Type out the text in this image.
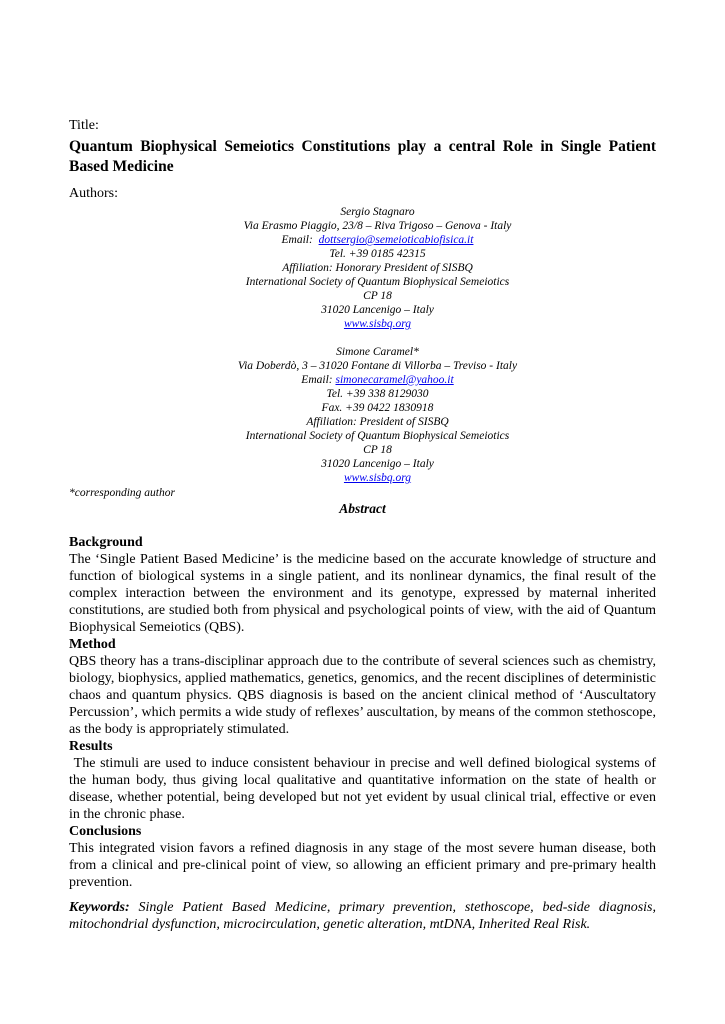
Title:

Quantum Biophysical Semeiotics Constitutions play a central Role in Single Patient Based Medicine

Authors:

Sergio Stagnaro
Via Erasmo Piaggio, 23/8 – Riva Trigoso – Genova - Italy
Email: dottsergio@semeioticabiofisica.it
Tel. +39 0185 42315
Affiliation: Honorary President of SISBQ
International Society of Quantum Biophysical Semeiotics
CP 18
31020 Lancenigo – Italy
www.sisbq.org
Simone Caramel*
Via Doberdò, 3 – 31020 Fontane di Villorba – Treviso - Italy
Email: simonecaramel@yahoo.it
Tel. +39 338 8129030
Fax. +39 0422 1830918
Affiliation: President of SISBQ
International Society of Quantum Biophysical Semeiotics
CP 18
31020 Lancenigo – Italy
www.sisbq.org
*corresponding author
Abstract

Background

The ‘Single Patient Based Medicine’ is the medicine based on the accurate knowledge of structure and function of biological systems in a single patient, and its nonlinear dynamics, the final result of the complex interaction between the environment and its genotype, expressed by maternal inherited constitutions, are studied both from physical and psychological points of view, with the aid of Quantum Biophysical Semeiotics (QBS).

Method

QBS theory has a trans-disciplinar approach due to the contribute of several sciences such as chemistry, biology, biophysics, applied mathematics, genetics, genomics, and the recent disciplines of deterministic chaos and quantum physics. QBS diagnosis is based on the ancient clinical method of ‘Auscultatory Percussion’, which permits a wide study of reflexes’ auscultation, by means of the common stethoscope, as the body is appropriately stimulated.

Results

The stimuli are used to induce consistent behaviour in precise and well defined biological systems of the human body, thus giving local qualitative and quantitative information on the state of health or disease, whether potential, being developed but not yet evident by usual clinical trial, effective or even in the chronic phase.

Conclusions

This integrated vision favors a refined diagnosis in any stage of the most severe human disease, both from a clinical and pre-clinical point of view, so allowing an efficient primary and pre-primary health prevention.

Keywords: Single Patient Based Medicine, primary prevention, stethoscope, bed-side diagnosis, mitochondrial dysfunction, microcirculation, genetic alteration, mtDNA, Inherited Real Risk.
